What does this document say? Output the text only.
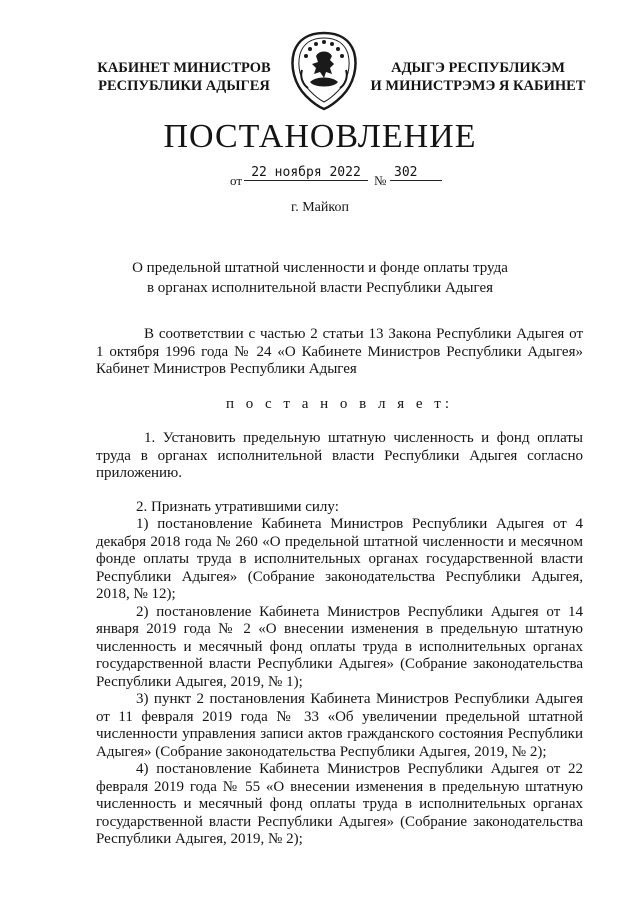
КАБИНЕТ МИНИСТРОВ
РЕСПУБЛИКИ АДЫГЕЯ
АДЫГЭ РЕСПУБЛИКЭМ
И МИНИСТРЭМЭ Я КАБИНЕТ
ПОСТАНОВЛЕНИЕ
от
22 ноября 2022
№
302
г. Майкоп
О предельной штатной численности и фонде оплаты труда
в органах исполнительной власти Республики Адыгея

В соответствии с частью 2 статьи 13 Закона Республики Адыгея от 1 октября 1996 года № 24 «О Кабинете Министров Республики Адыгея» Кабинет Министров Республики Адыгея

п о с т а н о в л я е т:

1. Установить предельную штатную численность и фонд оплаты труда в органах исполнительной власти Республики Адыгея согласно приложению.

2. Признать утратившими силу:

1) постановление Кабинета Министров Республики Адыгея от 4 декабря 2018 года № 260 «О предельной штатной численности и месячном фонде оплаты труда в исполнительных органах государственной власти Республики Адыгея» (Собрание законодательства Республики Адыгея, 2018, № 12);

2) постановление Кабинета Министров Республики Адыгея от 14 января 2019 года № 2 «О внесении изменения в предельную штатную численность и месячный фонд оплаты труда в исполнительных органах государственной власти Республики Адыгея» (Собрание законодательства Республики Адыгея, 2019, № 1);

3) пункт 2 постановления Кабинета Министров Республики Адыгея от 11 февраля 2019 года № 33 «Об увеличении предельной штатной численности управления записи актов гражданского состояния Республики Адыгея» (Собрание законодательства Республики Адыгея, 2019, № 2);

4) постановление Кабинета Министров Республики Адыгея от 22 февраля 2019 года № 55 «О внесении изменения в предельную штатную численность и месячный фонд оплаты труда в исполнительных органах государственной власти Республики Адыгея» (Собрание законодательства Республики Адыгея, 2019, № 2);
